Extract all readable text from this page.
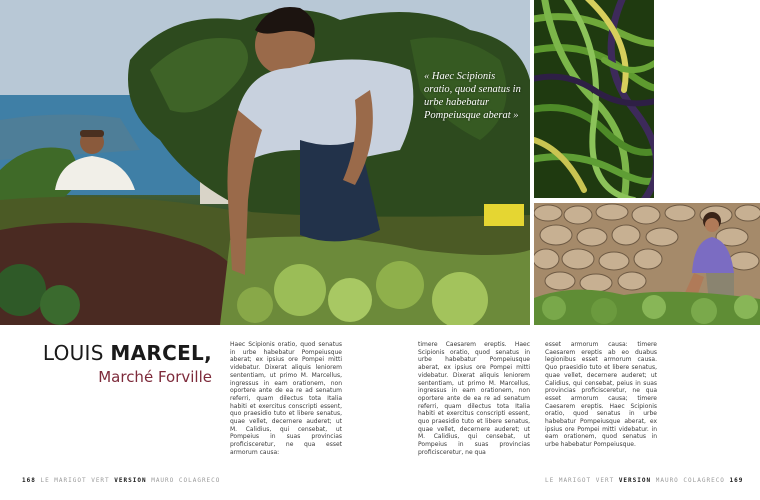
« Haec Scipionis oratio, quod senatus in urbe habebatur Pompeiusque aberat »
LOUIS MARCEL,
Marché Forville
Haec Scipionis oratio, quod senatus in urbe habebatur Pompeiusque aberat; ex ipsius ore Pompei mitti videbatur. Dixerat aliquis leniorem sententiam, ut primo M. Marcellus, ingressus in eam orationem, non oportere ante de ea re ad senatum referri, quam dilectus tota Italia habiti et exercitus conscripti essent, quo praesidio tuto et libere senatus, quae vellet, decernere auderet; ut M. Calidius, qui censebat, ut Pompeius in suas provincias proficisceretur, ne qua esset armorum causa:
timere Caesarem ereptis. Haec Scipionis oratio, quod senatus in urbe habebatur Pompeiusque aberat, ex ipsius ore Pompei mitti videbatur. Dixerat aliquis leniorem sententiam, ut primo M. Marcellus, ingressus in eam orationem, non oportere ante de ea re ad senatum referri, quam dilectus tota Italia habiti et exercitus conscripti essent, quo praesidio tuto et libere senatus, quae vellet, decernere auderet; ut M. Calidius, qui censebat, ut Pompeius in suas provincias proficisceretur, ne qua
esset armorum causa: timere Caesarem ereptis ab eo duabus legionibus esset armorum causa. Quo praesidio tuto et libere senatus, quae vellet, decernere auderet; ut Calidius, qui censebat, peius in suas provincias proficisceretur, ne qua esset armorum causa; timere Caesarem ereptis. Haec Scipionis oratio, quod senatus in urbe habebatur Pompeiusque aberat, ex ipsius ore Pompei mitti videbatur. in eam orationem, quod senatus in urbe habebatur Pompeiusque.
168 LE MARIGOT VERT VERSION MAURO COLAGRECO	LE MARIGOT VERT VERSION MAURO COLAGRECO 169
